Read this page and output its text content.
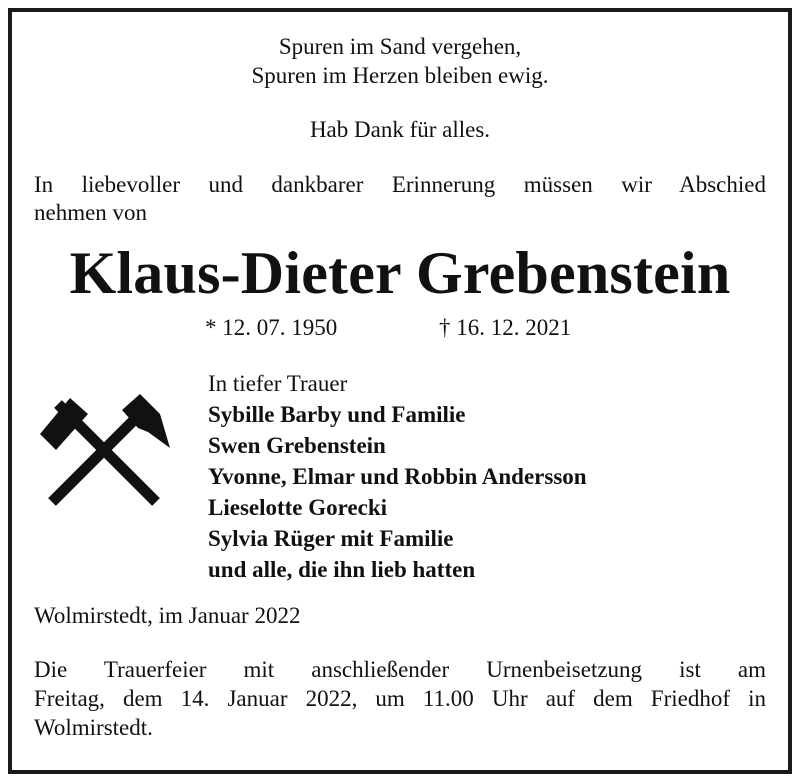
Spuren im Sand vergehen,
Spuren im Herzen bleiben ewig.
Hab Dank für alles.
In liebevoller und dankbarer Erinnerung müssen wir Abschied
nehmen von
Klaus-Dieter Grebenstein
* 12. 07. 1950	† 16. 12. 2021
In tiefer Trauer
Sybille Barby und Familie
Swen Grebenstein
Yvonne, Elmar und Robbin Andersson
Lieselotte Gorecki
Sylvia Rüger mit Familie
und alle, die ihn lieb hatten
Wolmirstedt, im Januar 2022
Die Trauerfeier mit anschließender Urnenbeisetzung ist am
Freitag, dem 14. Januar 2022, um 11.00 Uhr auf dem Friedhof in
Wolmirstedt.
